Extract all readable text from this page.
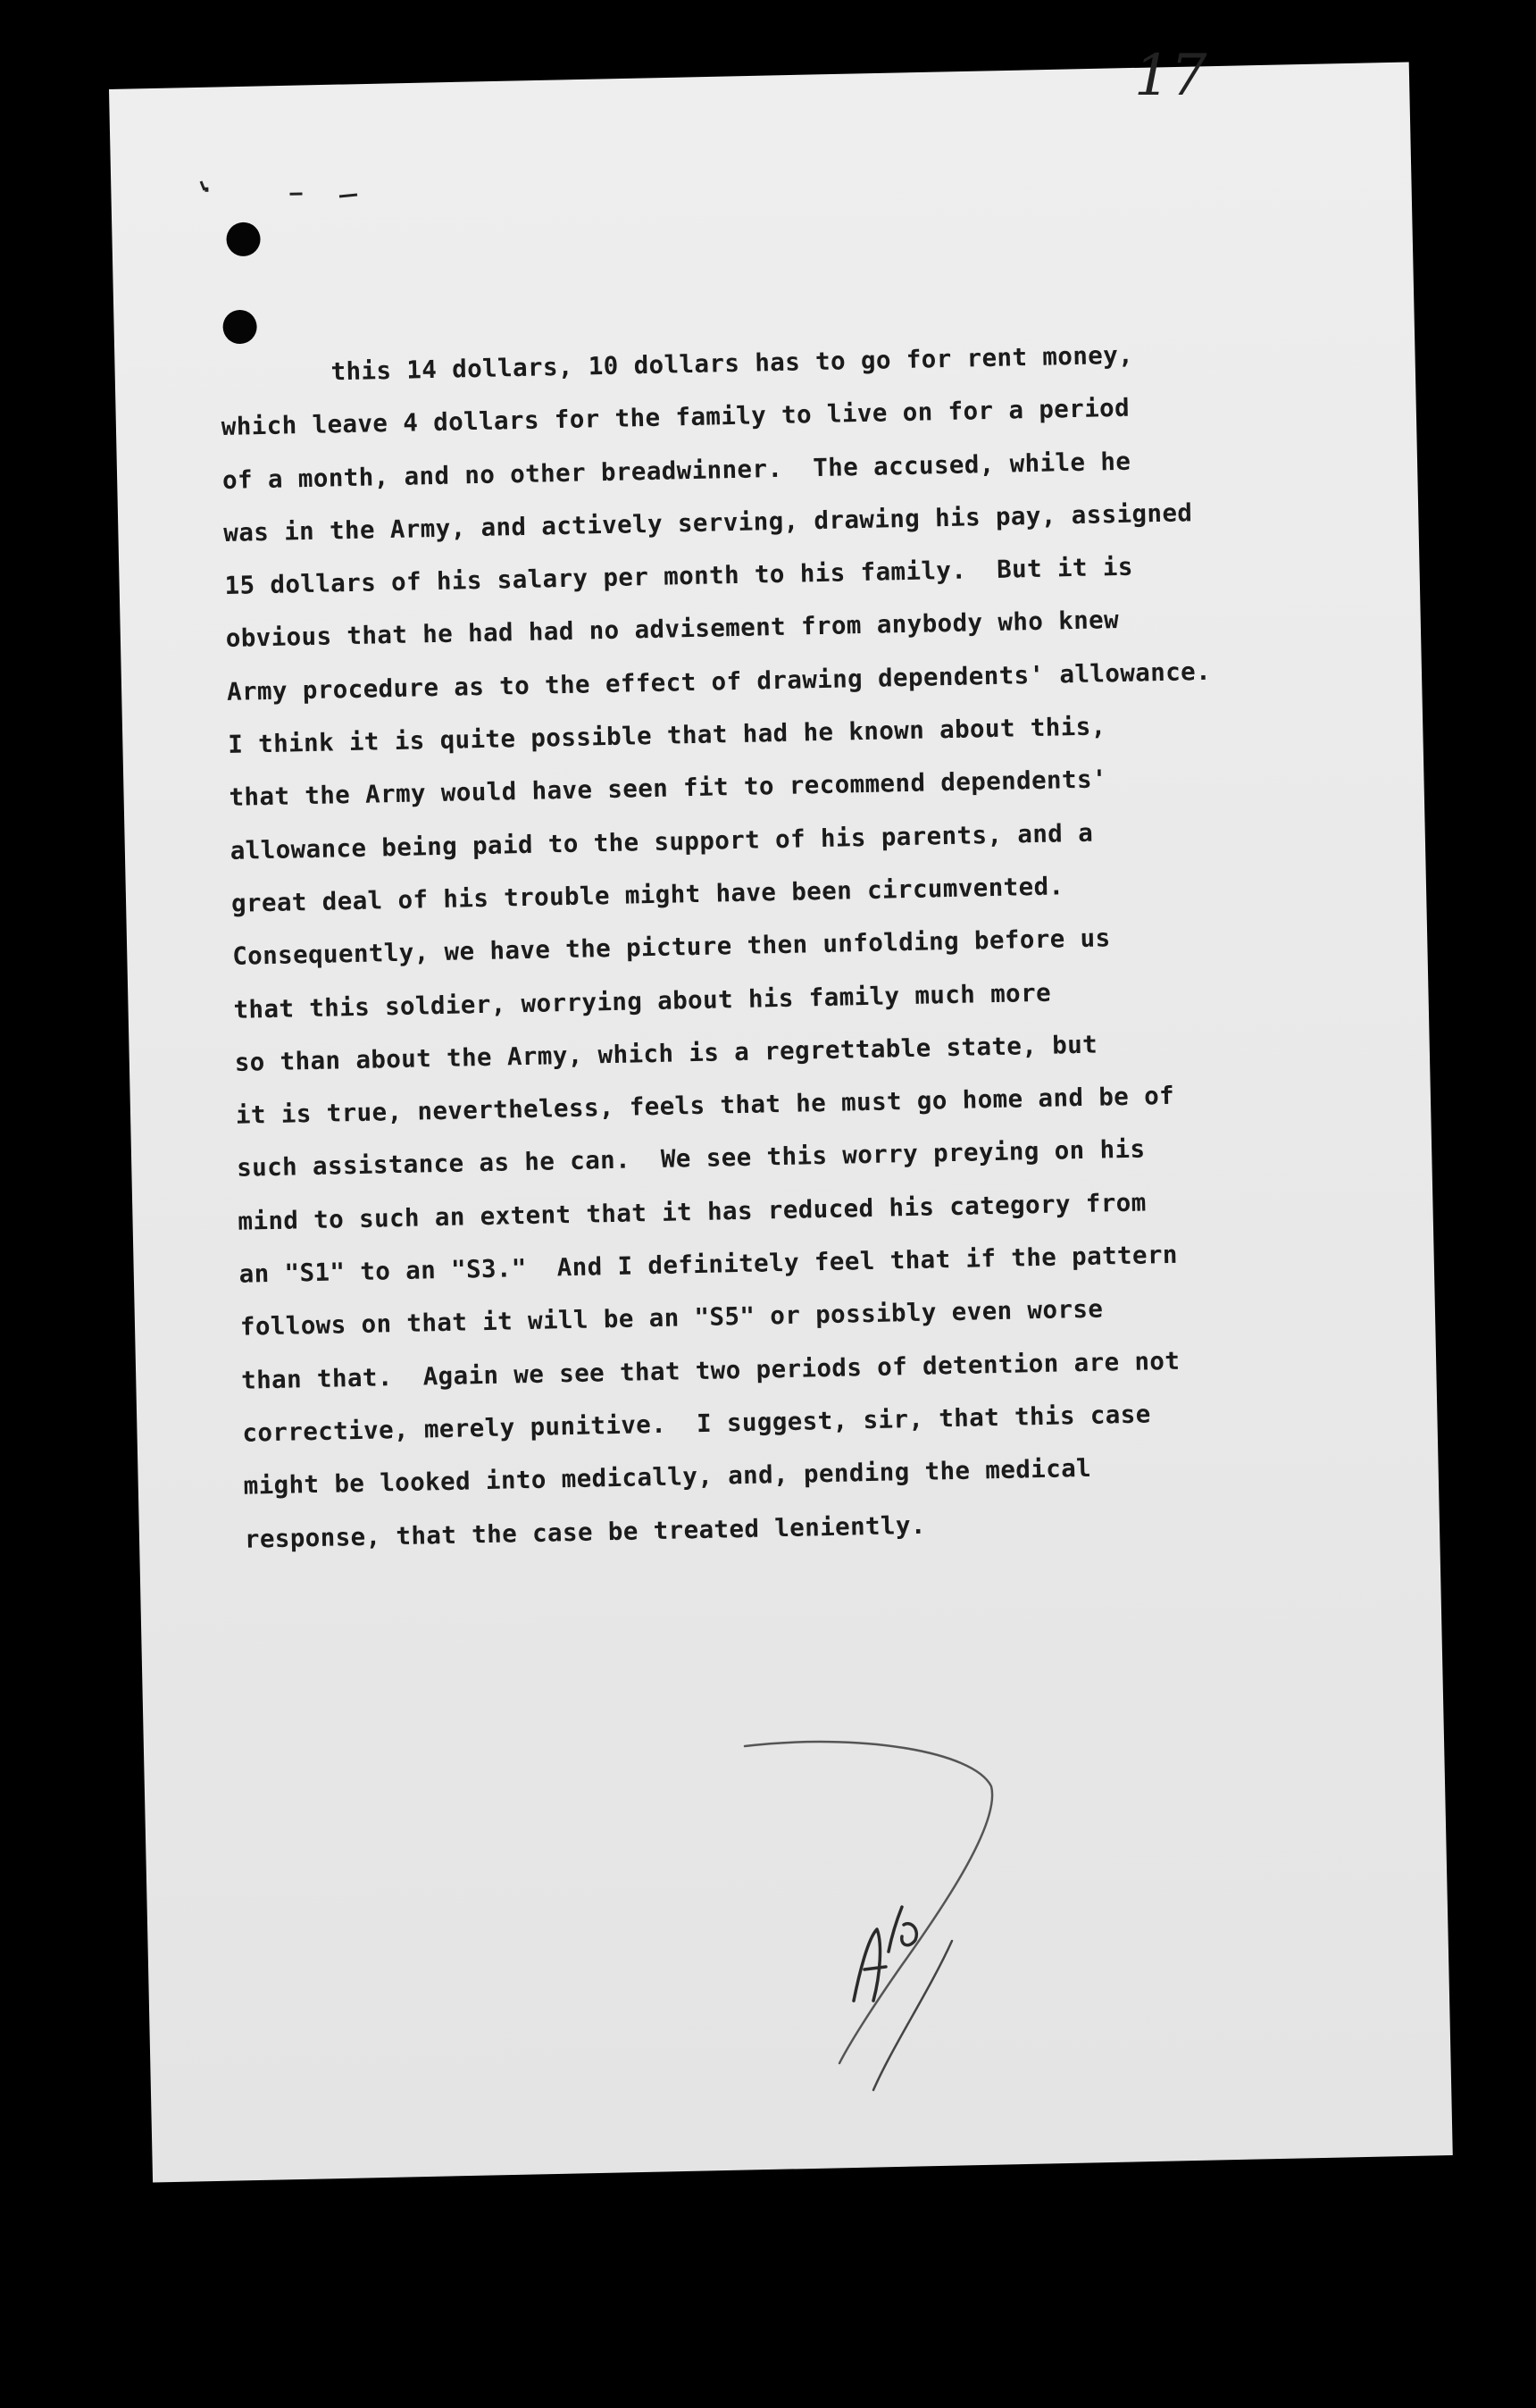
17
this 14 dollars, 10 dollars has to go for rent money,
which leave 4 dollars for the family to live on for a period
of a month, and no other breadwinner.  The accused, while he
was in the Army, and actively serving, drawing his pay, assigned
15 dollars of his salary per month to his family.  But it is
obvious that he had had no advisement from anybody who knew
Army procedure as to the effect of drawing dependents' allowance.
I think it is quite possible that had he known about this,
that the Army would have seen fit to recommend dependents'
allowance being paid to the support of his parents, and a
great deal of his trouble might have been circumvented.
Consequently, we have the picture then unfolding before us
that this soldier, worrying about his family much more
so than about the Army, which is a regrettable state, but
it is true, nevertheless, feels that he must go home and be of
such assistance as he can.  We see this worry preying on his
mind to such an extent that it has reduced his category from
an "S1" to an "S3."  And I definitely feel that if the pattern
follows on that it will be an "S5" or possibly even worse
than that.  Again we see that two periods of detention are not
corrective, merely punitive.  I suggest, sir, that this case
might be looked into medically, and, pending the medical
response, that the case be treated leniently.
